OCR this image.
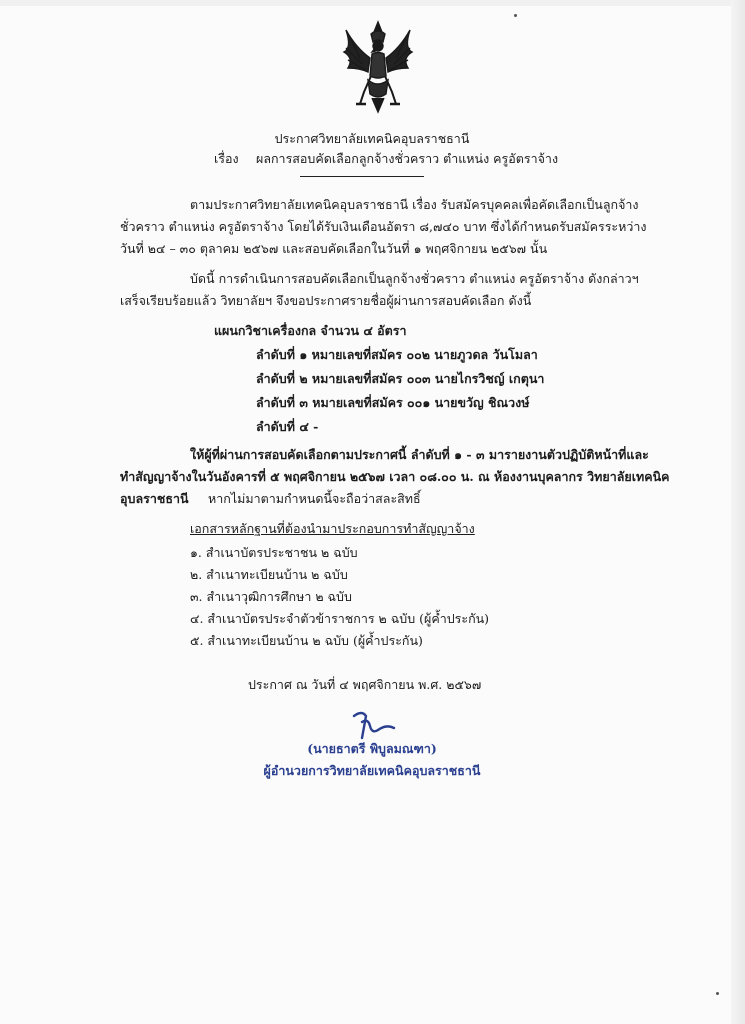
ประกาศวิทยาลัยเทคนิคอุบลราชธานี
เรื่อง ผลการสอบคัดเลือกลูกจ้างชั่วคราว ตำแหน่ง ครูอัตราจ้าง
ตามประกาศวิทยาลัยเทคนิคอุบลราชธานี เรื่อง รับสมัครบุคคลเพื่อคัดเลือกเป็นลูกจ้าง
ชั่วคราว ตำแหน่ง ครูอัตราจ้าง โดยได้รับเงินเดือนอัตรา ๘,๗๔๐ บาท ซึ่งได้กำหนดรับสมัครระหว่าง
วันที่ ๒๔ – ๓๐ ตุลาคม ๒๕๖๗ และสอบคัดเลือกในวันที่ ๑ พฤศจิกายน ๒๕๖๗ นั้น
บัดนี้ การดำเนินการสอบคัดเลือกเป็นลูกจ้างชั่วคราว ตำแหน่ง ครูอัตราจ้าง ดังกล่าวฯ
เสร็จเรียบร้อยแล้ว วิทยาลัยฯ จึงขอประกาศรายชื่อผู้ผ่านการสอบคัดเลือก ดังนี้
แผนกวิชาเครื่องกล จำนวน ๔ อัตรา
ลำดับที่ ๑ หมายเลขที่สมัคร ๐๐๒ นายภูวดล วันโมลา
ลำดับที่ ๒ หมายเลขที่สมัคร ๐๐๓ นายไกรวิชญ์ เกตุนา
ลำดับที่ ๓ หมายเลขที่สมัคร ๐๐๑ นายขวัญ ชิณวงษ์
ลำดับที่ ๔ -
ให้ผู้ที่ผ่านการสอบคัดเลือกตามประกาศนี้ ลำดับที่ ๑ - ๓ มารายงานตัวปฏิบัติหน้าที่และ
ทำสัญญาจ้างในวันอังคารที่ ๕ พฤศจิกายน ๒๕๖๗ เวลา ๐๘.๐๐ น. ณ ห้องงานบุคลากร วิทยาลัยเทคนิค
อุบลราชธานี หากไม่มาตามกำหนดนี้จะถือว่าสละสิทธิ์
เอกสารหลักฐานที่ต้องนำมาประกอบการทำสัญญาจ้าง
๑. สำเนาบัตรประชาชน ๒ ฉบับ
๒. สำเนาทะเบียนบ้าน ๒ ฉบับ
๓. สำเนาวุฒิการศึกษา ๒ ฉบับ
๔. สำเนาบัตรประจำตัวข้าราชการ ๒ ฉบับ (ผู้ค้ำประกัน)
๕. สำเนาทะเบียนบ้าน ๒ ฉบับ (ผู้ค้ำประกัน)
ประกาศ ณ วันที่ ๔ พฤศจิกายน พ.ศ. ๒๕๖๗
(นายธาตรี พิบูลมณฑา)
ผู้อำนวยการวิทยาลัยเทคนิคอุบลราชธานี
